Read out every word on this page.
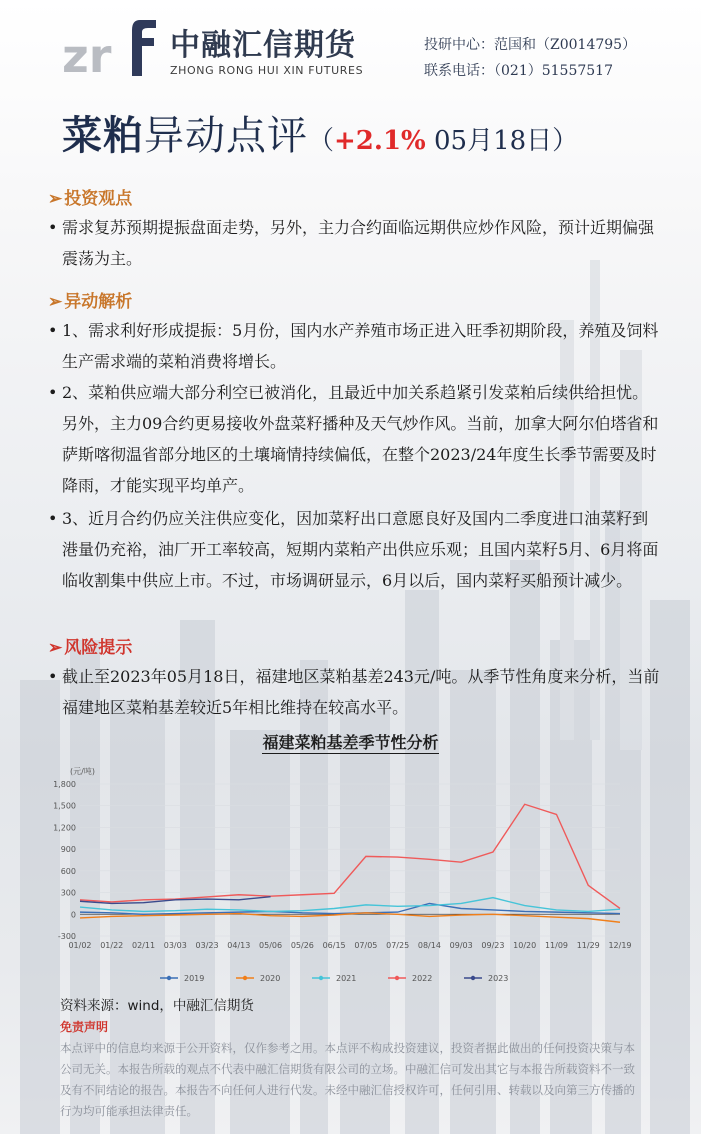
zr 中融汇信期货
ZHONG RONG HUI XIN FUTURES
投研中心：范国和（Z0014795）
联系电话：（021）51557517
菜粕异动点评（+2.1% 05月18日）
➢ 投资观点
• 需求复苏预期提振盘面走势，另外，主力合约面临远期供应炒作风险，预计近期偏强震荡为主。
➢ 异动解析
• 1、需求利好形成提振：5月份，国内水产养殖市场正进入旺季初期阶段，养殖及饲料生产需求端的菜粕消费将增长。
• 2、菜粕供应端大部分利空已被消化，且最近中加关系趋紧引发菜粕后续供给担忧。另外，主力09合约更易接收外盘菜籽播种及天气炒作风。当前，加拿大阿尔伯塔省和萨斯喀彻温省部分地区的土壤墒情持续偏低，在整个2023/24年度生长季节需要及时降雨，才能实现平均单产。
• 3、近月合约仍应关注供应变化，因加菜籽出口意愿良好及国内二季度进口油菜籽到港量仍充裕，油厂开工率较高，短期内菜粕产出供应乐观；且国内菜籽5月、6月将面临收割集中供应上市。不过，市场调研显示，6月以后，国内菜籽买船预计减少。
➢ 风险提示
• 截止至2023年05月18日，福建地区菜粕基差243元/吨。从季节性角度来分析，当前福建地区菜粕基差较近5年相比维持在较高水平。
福建菜粕基差季节性分析
(元/吨)
1,800
1,500
1,200
900
600
300
0
-300
01/02 01/22 02/11 03/03 03/23 04/13 05/06 05/26 06/15 07/05 07/25 08/14 09/03 09/23 10/20 11/09 11/29 12/19
2019	2020	2021	2022	2023
资料来源：wind，中融汇信期货
免责声明
本点评中的信息均来源于公开资料，仅作参考之用。本点评不构成投资建议，投资者据此做出的任何投资决策与本公司无关。本报告所载的观点不代表中融汇信期货有限公司的立场。中融汇信可发出其它与本报告所载资料不一致及有不同结论的报告。本报告不向任何人进行代发。未经中融汇信授权许可，任何引用、转载以及向第三方传播的行为均可能承担法律责任。
